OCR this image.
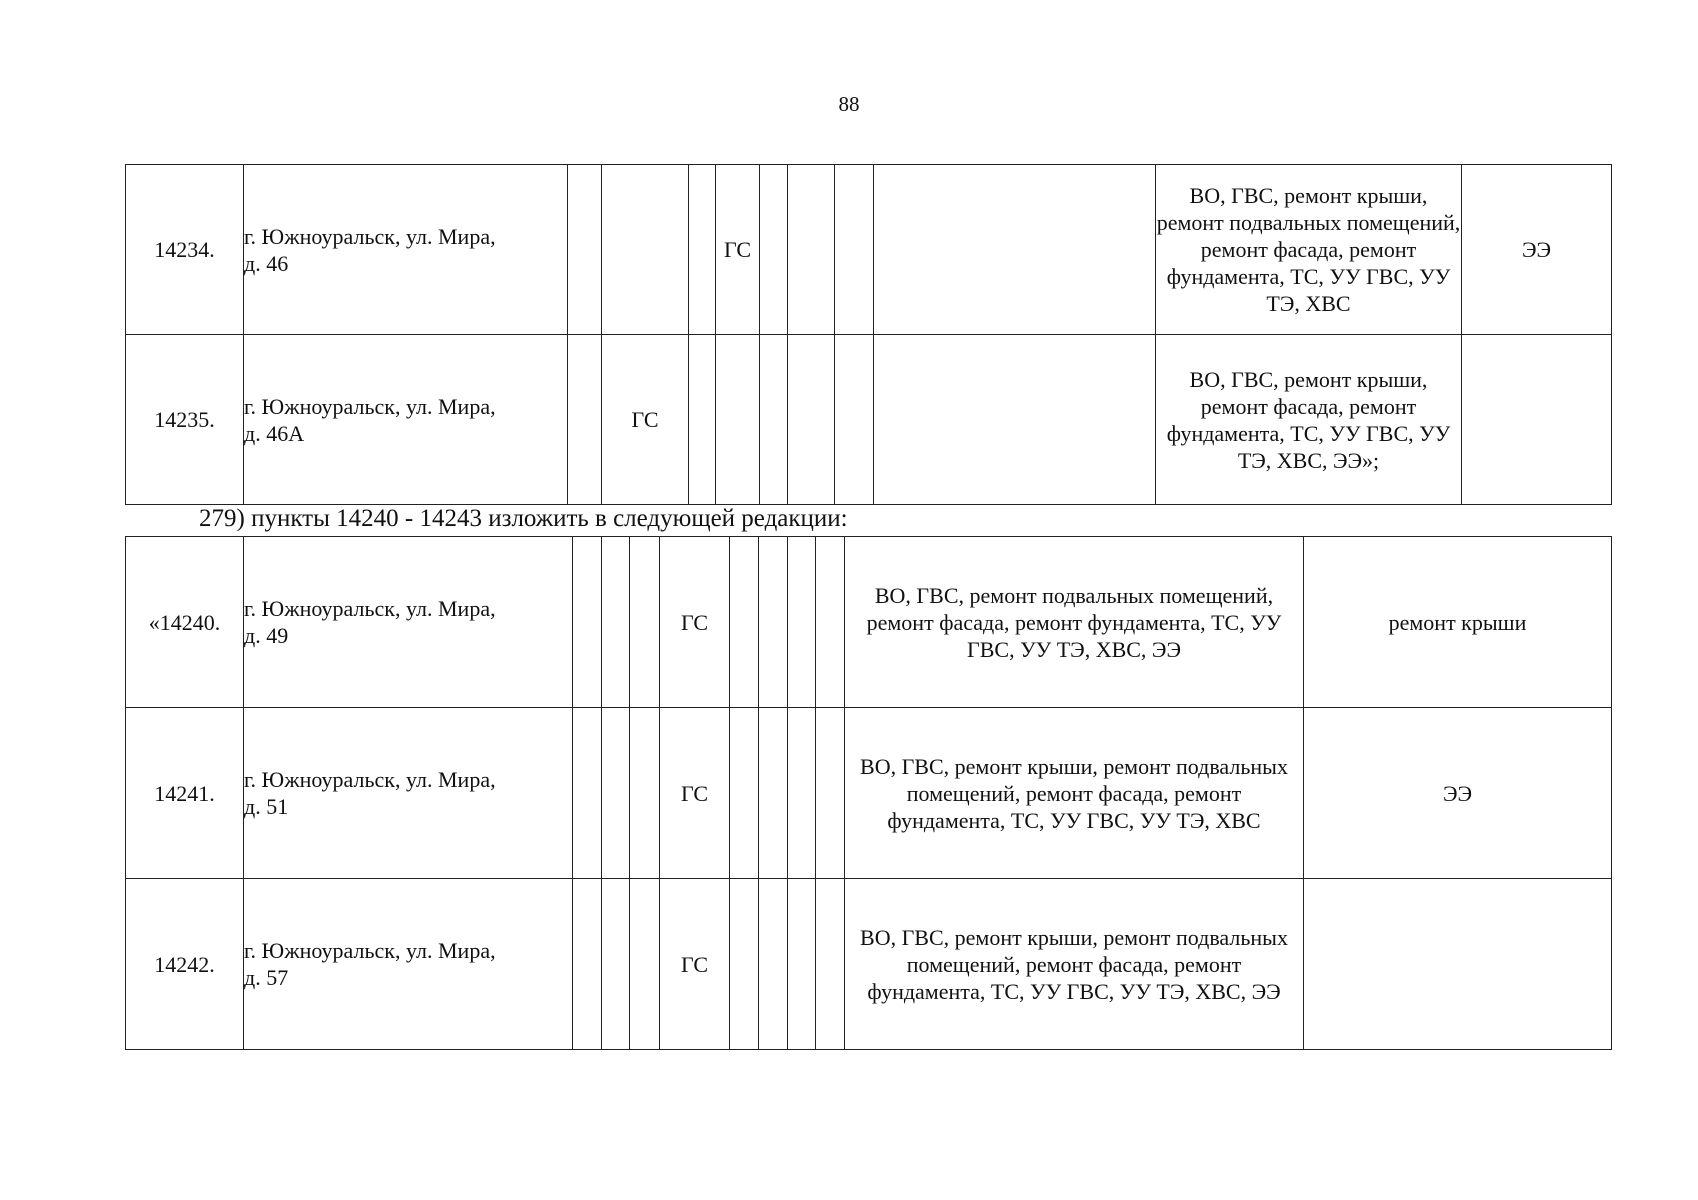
88
14234.	г. Южноуральск, ул. Мира,
д. 46				ГС					ВО, ГВС, ремонт крыши, ремонт подвальных помещений, ремонт фасада, ремонт фундамента, ТС, УУ ГВС, УУ ТЭ, ХВС	ЭЭ
14235.	г. Южноуральск, ул. Мира,
д. 46А		ГС							ВО, ГВС, ремонт крыши, ремонт фасада, ремонт фундамента, ТС, УУ ГВС, УУ ТЭ, ХВС, ЭЭ»;	
279) пункты 14240 - 14243 изложить в следующей редакции:
«14240.	г. Южноуральск, ул. Мира,
д. 49				ГС					ВО, ГВС, ремонт подвальных помещений, ремонт фасада, ремонт фундамента, ТС, УУ ГВС, УУ ТЭ, ХВС, ЭЭ	ремонт крыши
14241.	г. Южноуральск, ул. Мира,
д. 51				ГС					ВО, ГВС, ремонт крыши, ремонт подвальных помещений, ремонт фасада, ремонт фундамента, ТС, УУ ГВС, УУ ТЭ, ХВС	ЭЭ
14242.	г. Южноуральск, ул. Мира,
д. 57				ГС					ВО, ГВС, ремонт крыши, ремонт подвальных помещений, ремонт фасада, ремонт фундамента, ТС, УУ ГВС, УУ ТЭ, ХВС, ЭЭ	
